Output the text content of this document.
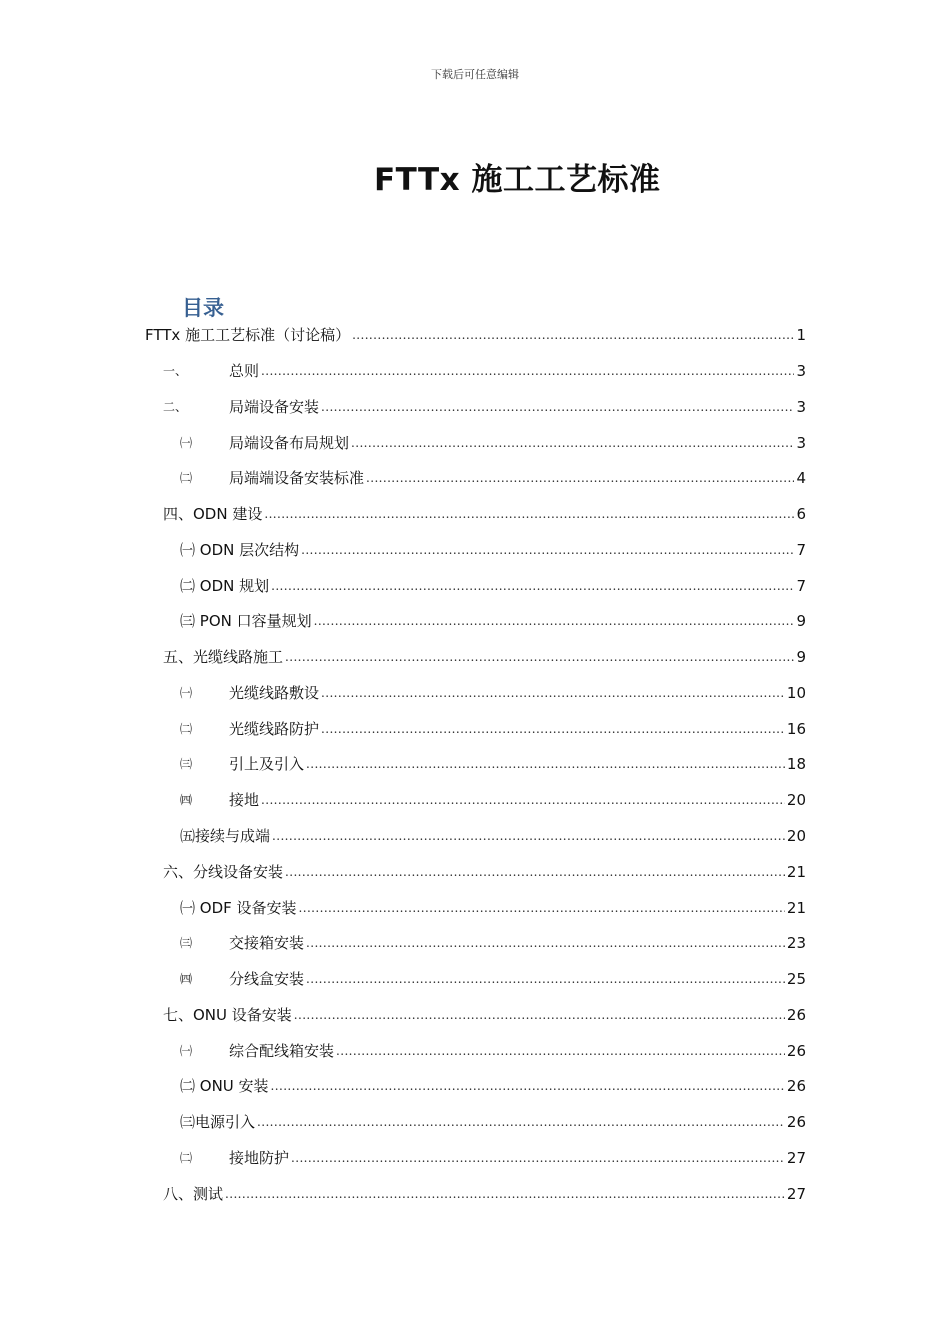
下载后可任意编辑
FTTx 施工工艺标准
目录
FTTx 施工工艺标准（讨论稿） .....	1
一、	总则 .....	3
二、	局端设备安装 .....	3
㈠	局端设备布局规划 .....	3
㈡	局端端设备安装标准 .....	4
四、ODN 建设 .....	6
㈠ ODN 层次结构 .....	7
㈡ ODN 规划 .....	7
㈢ PON 口容量规划 .....	9
五、光缆线路施工 .....	9
㈠	光缆线路敷设 .....	10
㈡	光缆线路防护 .....	16
㈢	引上及引入 .....	18
㈣	接地 .....	20
㈤接续与成端 .....	20
六、分线设备安装 .....	21
㈠ ODF 设备安装 .....	21
㈢	交接箱安装 .....	23
㈣	分线盒安装 .....	25
七、ONU 设备安装 .....	26
㈠	综合配线箱安装 .....	26
㈡ ONU 安装 .....	26
㈢电源引入 .....	26
㈡	接地防护 .....	27
八、测试 .....	27
